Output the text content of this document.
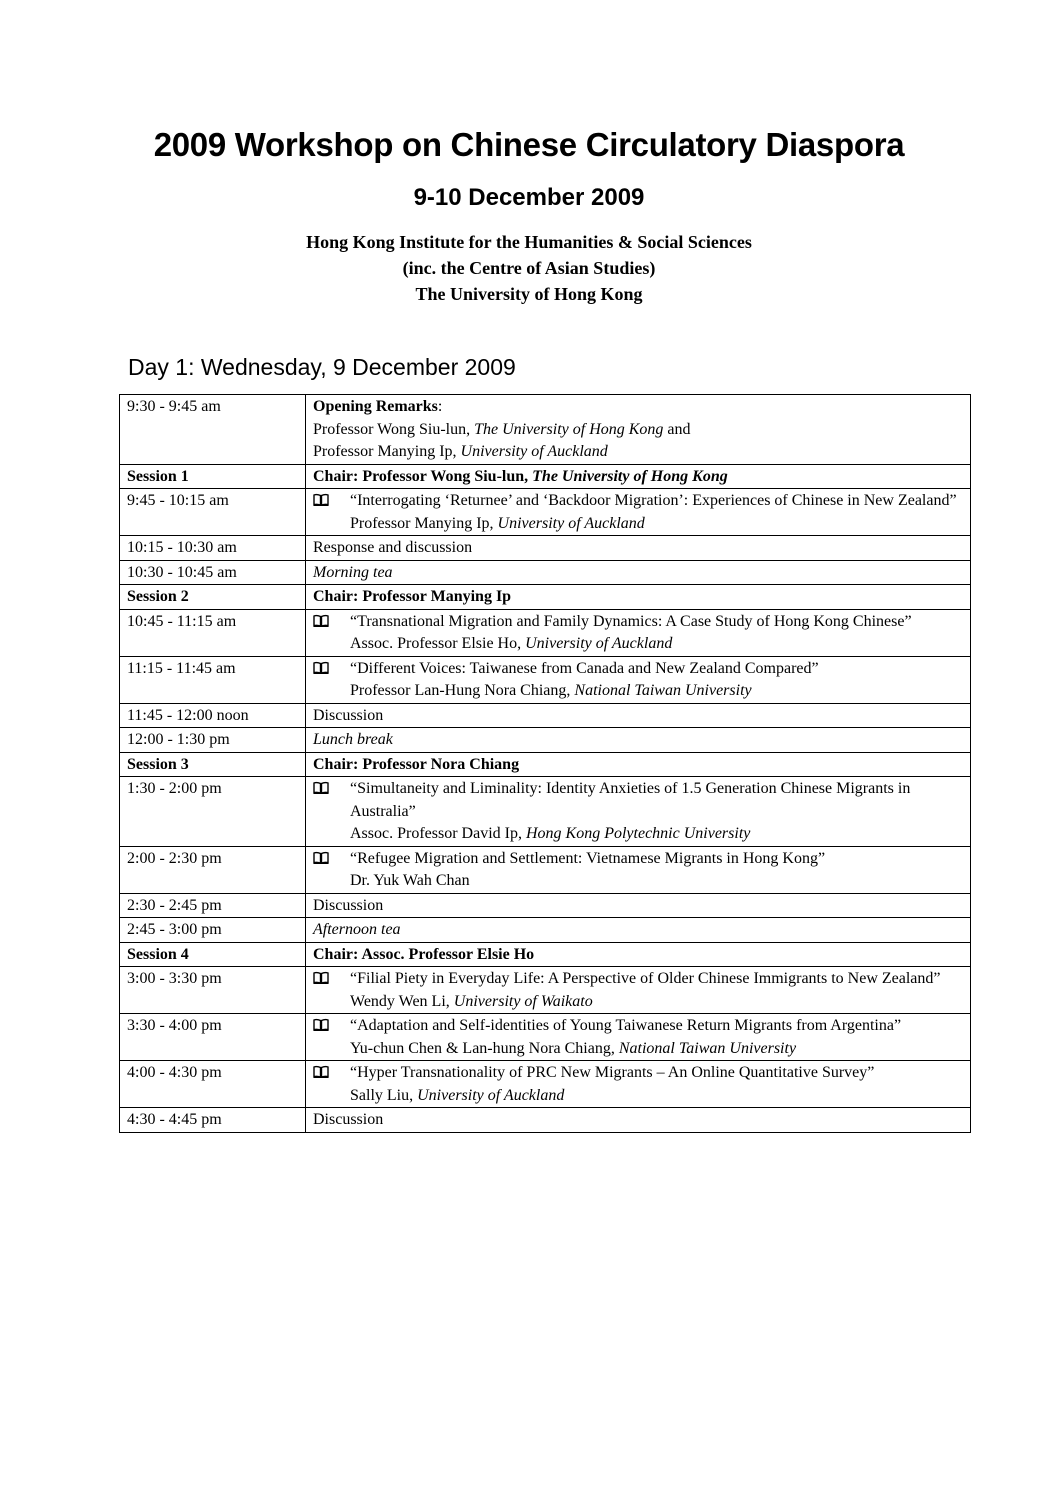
2009 Workshop on Chinese Circulatory Diaspora
9-10 December 2009
Hong Kong Institute for the Humanities & Social Sciences
(inc. the Centre of Asian Studies)
The University of Hong Kong
Day 1: Wednesday, 9 December 2009
9:30 - 9:45 am	Opening Remarks:
Professor Wong Siu-lun, The University of Hong Kong and
Professor Manying Ip, University of Auckland

Session 1	Chair: Professor Wong Siu-lun, The University of Hong Kong

9:45 - 10:15 am	“Interrogating ‘Returnee’ and ‘Backdoor Migration’: Experiences of Chinese in New Zealand”
Professor Manying Ip, University of Auckland

10:15 - 10:30 am	Response and discussion
10:30 - 10:45 am	Morning tea
Session 2	Chair: Professor Manying Ip

10:45 - 11:15 am	“Transnational Migration and Family Dynamics: A Case Study of Hong Kong Chinese”
Assoc. Professor Elsie Ho, University of Auckland

11:15 - 11:45 am	“Different Voices: Taiwanese from Canada and New Zealand Compared”
Professor Lan-Hung Nora Chiang, National Taiwan University

11:45 - 12:00 noon	Discussion
12:00 - 1:30 pm	Lunch break
Session 3	Chair: Professor Nora Chiang

1:30 - 2:00 pm	“Simultaneity and Liminality: Identity Anxieties of 1.5 Generation Chinese Migrants in Australia”
Assoc. Professor David Ip, Hong Kong Polytechnic University

2:00 - 2:30 pm	“Refugee Migration and Settlement: Vietnamese Migrants in Hong Kong”
Dr. Yuk Wah Chan

2:30 - 2:45 pm	Discussion
2:45 - 3:00 pm	Afternoon tea
Session 4	Chair: Assoc. Professor Elsie Ho

3:00 - 3:30 pm	“Filial Piety in Everyday Life: A Perspective of Older Chinese Immigrants to New Zealand”
Wendy Wen Li, University of Waikato

3:30 - 4:00 pm	“Adaptation and Self-identities of Young Taiwanese Return Migrants from Argentina”
Yu-chun Chen & Lan-hung Nora Chiang, National Taiwan University

4:00 - 4:30 pm	“Hyper Transnationality of PRC New Migrants – An Online Quantitative Survey”
Sally Liu, University of Auckland

4:30 - 4:45 pm	Discussion
